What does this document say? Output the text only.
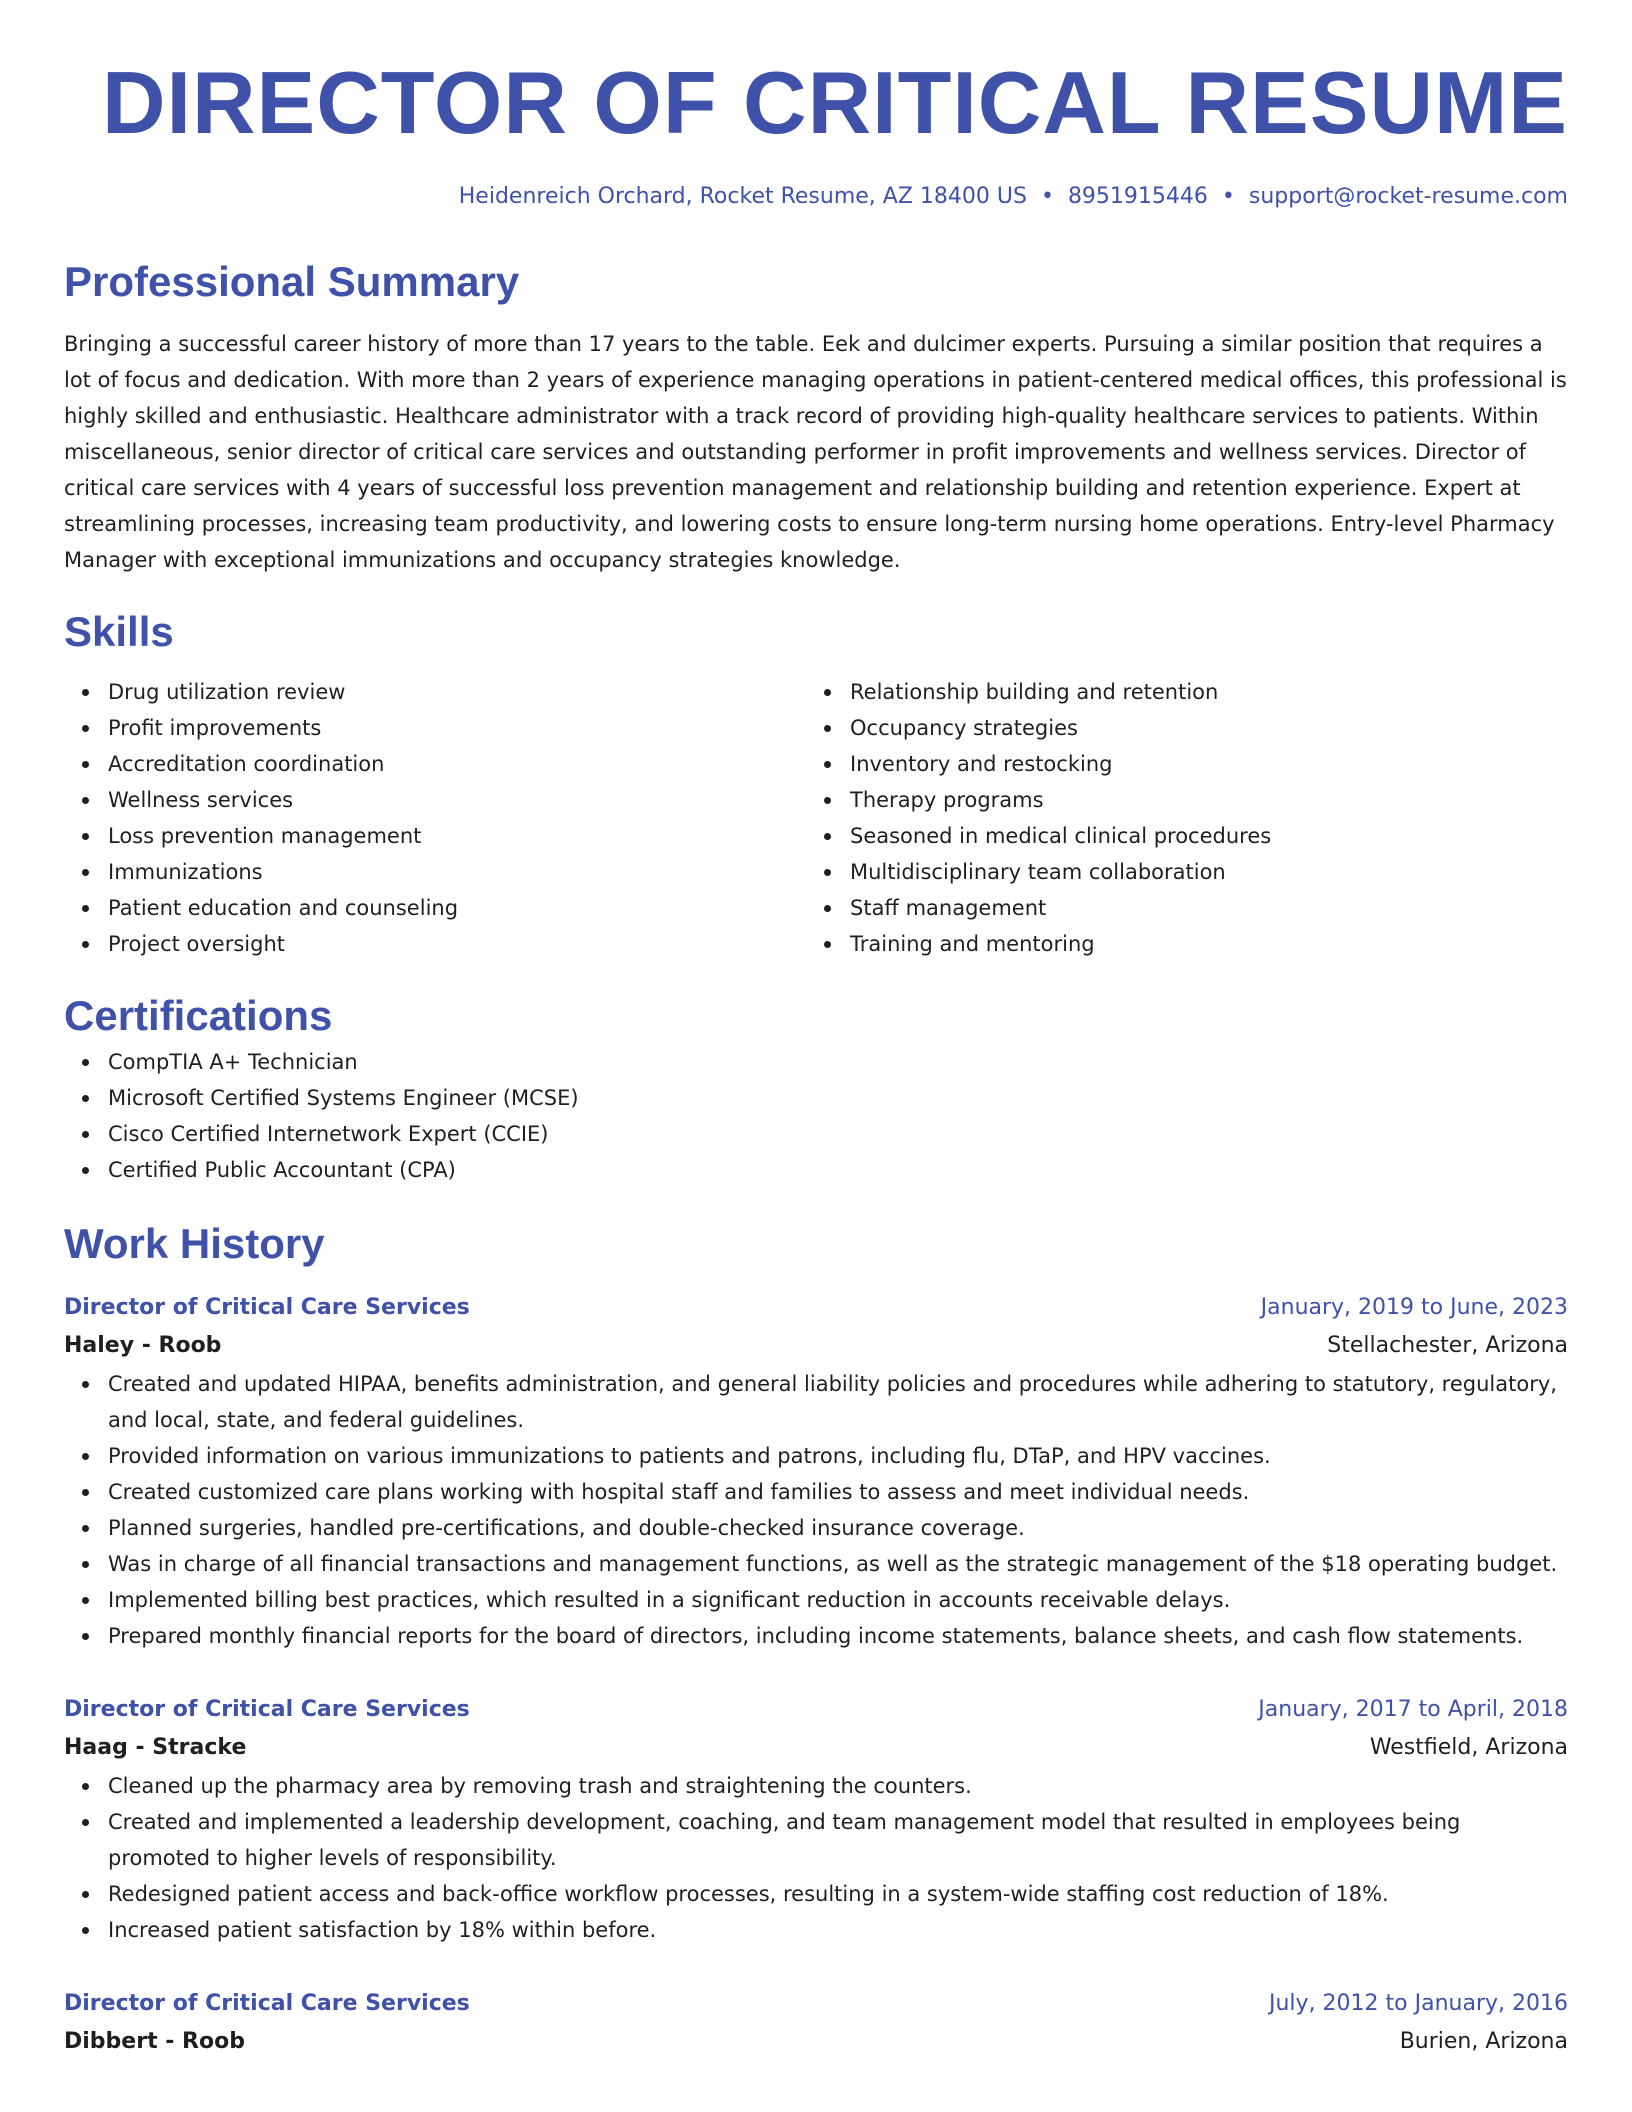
DIRECTOR OF CRITICAL RESUME
Heidenreich Orchard, Rocket Resume, AZ 18400 US • 8951915446 • support@rocket-resume.com
Professional Summary

Bringing a successful career history of more than 17 years to the table. Eek and dulcimer experts. Pursuing a similar position that requires a lot of focus and dedication. With more than 2 years of experience managing operations in patient-centered medical offices, this professional is highly skilled and enthusiastic. Healthcare administrator with a track record of providing high-quality healthcare services to patients. Within miscellaneous, senior director of critical care services and outstanding performer in profit improvements and wellness services. Director of critical care services with 4 years of successful loss prevention management and relationship building and retention experience. Expert at streamlining processes, increasing team productivity, and lowering costs to ensure long-term nursing home operations. Entry-level Pharmacy Manager with exceptional immunizations and occupancy strategies knowledge.

Skills
Drug utilization review
Profit improvements
Accreditation coordination
Wellness services
Loss prevention management
Immunizations
Patient education and counseling
Project oversight
Relationship building and retention
Occupancy strategies
Inventory and restocking
Therapy programs
Seasoned in medical clinical procedures
Multidisciplinary team collaboration
Staff management
Training and mentoring
Certifications
CompTIA A+ Technician
Microsoft Certified Systems Engineer (MCSE)
Cisco Certified Internetwork Expert (CCIE)
Certified Public Accountant (CPA)
Work History
Director of Critical Care Services	January, 2019 to June, 2023
Haley - Roob	Stellachester, Arizona
Created and updated HIPAA, benefits administration, and general liability policies and procedures while adhering to statutory, regulatory, and local, state, and federal guidelines.
Provided information on various immunizations to patients and patrons, including flu, DTaP, and HPV vaccines.
Created customized care plans working with hospital staff and families to assess and meet individual needs.
Planned surgeries, handled pre-certifications, and double-checked insurance coverage.
Was in charge of all financial transactions and management functions, as well as the strategic management of the $18 operating budget.
Implemented billing best practices, which resulted in a significant reduction in accounts receivable delays.
Prepared monthly financial reports for the board of directors, including income statements, balance sheets, and cash flow statements.
Director of Critical Care Services	January, 2017 to April, 2018
Haag - Stracke	Westfield, Arizona
Cleaned up the pharmacy area by removing trash and straightening the counters.
Created and implemented a leadership development, coaching, and team management model that resulted in employees being promoted to higher levels of responsibility.
Redesigned patient access and back-office workflow processes, resulting in a system-wide staffing cost reduction of 18%.
Increased patient satisfaction by 18% within before.
Director of Critical Care Services	July, 2012 to January, 2016
Dibbert - Roob	Burien, Arizona
